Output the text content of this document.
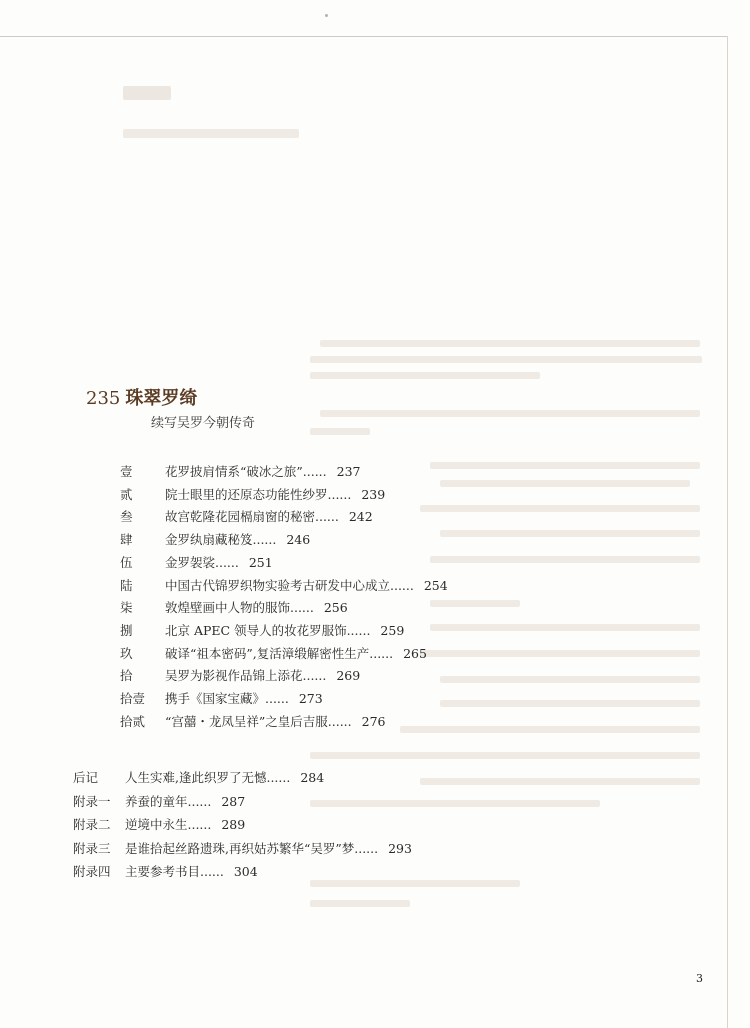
235 珠翠罗绮
续写吴罗今朝传奇
壹	花罗披肩情系“破冰之旅”...... 237
贰	院士眼里的还原态功能性纱罗...... 239
叁	故宫乾隆花园槅扇窗的秘密...... 242
肆	金罗纨扇藏秘笈...... 246
伍	金罗袈裟...... 251
陆	中国古代锦罗织物实验考古研发中心成立...... 254
柒	敦煌壁画中人物的服饰...... 256
捌	北京 APEC 领导人的妆花罗服饰...... 259
玖	破译“祖本密码”,复活漳缎解密性生产...... 265
拾	吴罗为影视作品锦上添花...... 269
拾壹	携手《国家宝藏》...... 273
拾贰	“宫囍・龙凤呈祥”之皇后吉服...... 276
后记	人生实难,逢此织罗了无憾...... 284
附录一	养蚕的童年...... 287
附录二	逆境中永生...... 289
附录三	是谁拾起丝路遗珠,再织姑苏繁华“吴罗”梦...... 293
附录四	主要参考书目...... 304
3
